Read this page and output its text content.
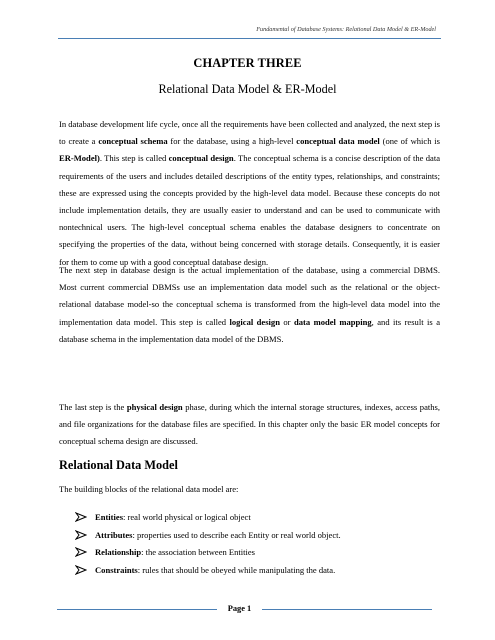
Fundamental of Database Systems: Relational Data Model & ER-Model
CHAPTER THREE
Relational Data Model & ER-Model

In database development life cycle, once all the requirements have been collected and analyzed, the next step is to create a conceptual schema for the database, using a high-level conceptual data model (one of which is ER-Model). This step is called conceptual design. The conceptual schema is a concise description of the data requirements of the users and includes detailed descriptions of the entity types, relationships, and constraints; these are expressed using the concepts provided by the high-level data model. Because these concepts do not include implementation details, they are usually easier to understand and can be used to communicate with nontechnical users. The high-level conceptual schema enables the database designers to concentrate on specifying the properties of the data, without being concerned with storage details. Consequently, it is easier for them to come up with a good conceptual database design.

The next step in database design is the actual implementation of the database, using a commercial DBMS. Most current commercial DBMSs use an implementation data model such as the relational or the object-relational database model-so the conceptual schema is transformed from the high-level data model into the implementation data model. This step is called logical design or data model mapping, and its result is a database schema in the implementation data model of the DBMS.

The last step is the physical design phase, during which the internal storage structures, indexes, access paths, and file organizations for the database files are specified. In this chapter only the basic ER model concepts for conceptual schema design are discussed.

Relational Data Model
The building blocks of the relational data model are:
Entities : real world physical or logical object
Attributes : properties used to describe each Entity or real world object.
Relationship : the association between Entities
Constraints : rules that should be obeyed while manipulating the data.
Page 1
